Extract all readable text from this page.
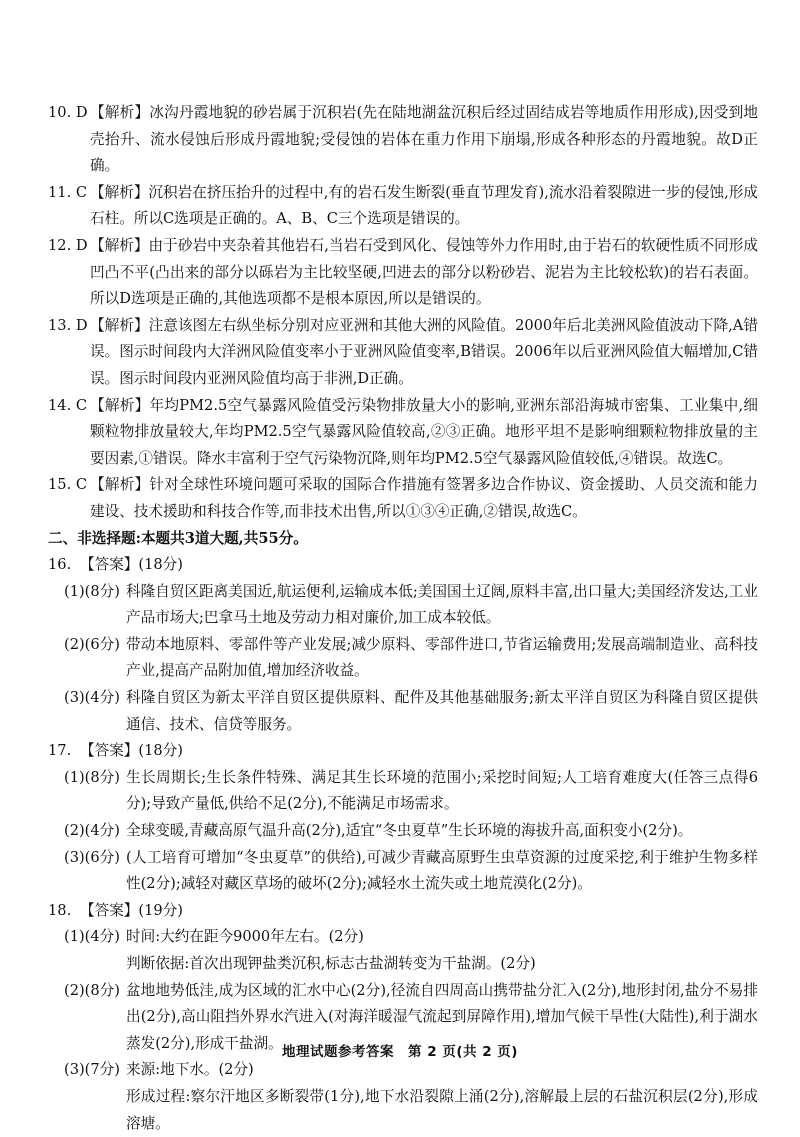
10. D 【解析】冰沟丹霞地貌的砂岩属于沉积岩(先在陆地湖盆沉积后经过固结成岩等地质作用形成),因受到地壳抬升、流水侵蚀后形成丹霞地貌;受侵蚀的岩体在重力作用下崩塌,形成各种形态的丹霞地貌。故D正确。
11. C 【解析】沉积岩在挤压抬升的过程中,有的岩石发生断裂(垂直节理发育),流水沿着裂隙进一步的侵蚀,形成石柱。所以C选项是正确的。A、B、C三个选项是错误的。
12. D 【解析】由于砂岩中夹杂着其他岩石,当岩石受到风化、侵蚀等外力作用时,由于岩石的软硬性质不同形成凹凸不平(凸出来的部分以砾岩为主比较坚硬,凹进去的部分以粉砂岩、泥岩为主比较松软)的岩石表面。所以D选项是正确的,其他选项都不是根本原因,所以是错误的。
13. D 【解析】注意该图左右纵坐标分别对应亚洲和其他大洲的风险值。2000年后北美洲风险值波动下降,A错误。图示时间段内大洋洲风险值变率小于亚洲风险值变率,B错误。2006年以后亚洲风险值大幅增加,C错误。图示时间段内亚洲风险值均高于非洲,D正确。
14. C 【解析】年均PM2.5空气暴露风险值受污染物排放量大小的影响,亚洲东部沿海城市密集、工业集中,细颗粒物排放量较大,年均PM2.5空气暴露风险值较高,②③正确。地形平坦不是影响细颗粒物排放量的主要因素,①错误。降水丰富利于空气污染物沉降,则年均PM2.5空气暴露风险值较低,④错误。故选C。
15. C 【解析】针对全球性环境问题可采取的国际合作措施有签署多边合作协议、资金援助、人员交流和能力建设、技术援助和科技合作等,而非技术出售,所以①③④正确,②错误,故选C。
二、非选择题:本题共3道大题,共55分。
16. 【答案】(18分)
(1)(8分) 科隆自贸区距离美国近,航运便利,运输成本低;美国国土辽阔,原料丰富,出口量大;美国经济发达,工业产品市场大;巴拿马土地及劳动力相对廉价,加工成本较低。
(2)(6分) 带动本地原料、零部件等产业发展;减少原料、零部件进口,节省运输费用;发展高端制造业、高科技产业,提高产品附加值,增加经济收益。
(3)(4分) 科隆自贸区为新太平洋自贸区提供原料、配件及其他基础服务;新太平洋自贸区为科隆自贸区提供通信、技术、信贷等服务。
17. 【答案】(18分)
(1)(8分) 生长周期长;生长条件特殊、满足其生长环境的范围小;采挖时间短;人工培育难度大(任答三点得6分);导致产量低,供给不足(2分),不能满足市场需求。
(2)(4分) 全球变暖,青藏高原气温升高(2分),适宜“冬虫夏草”生长环境的海拔升高,面积变小(2分)。
(3)(6分) (人工培育可增加“冬虫夏草”的供给),可减少青藏高原野生虫草资源的过度采挖,利于维护生物多样性(2分);减轻对藏区草场的破坏(2分);减轻水土流失或土地荒漠化(2分)。
18. 【答案】(19分)
(1)(4分) 时间:大约在距今9000年左右。(2分)
判断依据:首次出现钾盐类沉积,标志古盐湖转变为干盐湖。(2分)
(2)(8分) 盆地地势低洼,成为区域的汇水中心(2分),径流自四周高山携带盐分汇入(2分),地形封闭,盐分不易排出(2分),高山阻挡外界水汽进入(对海洋暖湿气流起到屏障作用),增加气候干旱性(大陆性),利于湖水蒸发(2分),形成干盐湖。
(3)(7分) 来源:地下水。(2分)
形成过程:察尔汗地区多断裂带(1分),地下水沿裂隙上涌(2分),溶解最上层的石盐沉积层(2分),形成溶塘。
地理试题参考答案　第 2 页(共 2 页)
